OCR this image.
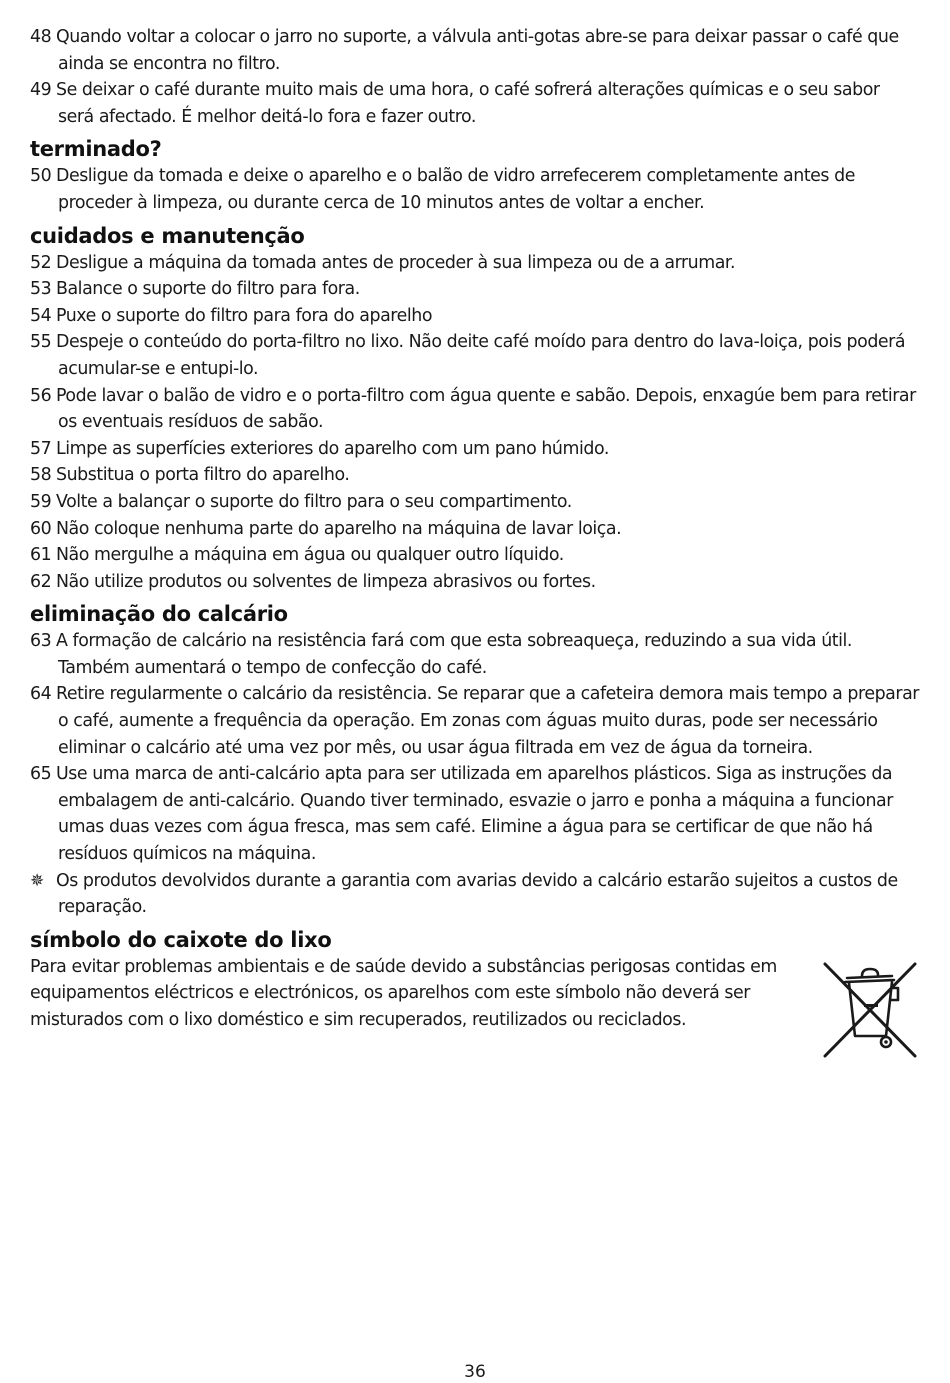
48 Quando voltar a colocar o jarro no suporte, a válvula anti-gotas abre-se para deixar passar o café que ainda se encontra no filtro.

49 Se deixar o café durante muito mais de uma hora, o café sofrerá alterações químicas e o seu sabor será afectado. É melhor deitá-lo fora e fazer outro.

terminado?

50 Desligue da tomada e deixe o aparelho e o balão de vidro arrefecerem completamente antes de proceder à limpeza, ou durante cerca de 10 minutos antes de voltar a encher.

cuidados e manutenção

52 Desligue a máquina da tomada antes de proceder à sua limpeza ou de a arrumar.

53 Balance o suporte do filtro para fora.

54 Puxe o suporte do filtro para fora do aparelho

55 Despeje o conteúdo do porta-filtro no lixo. Não deite café moído para dentro do lava-loiça, pois poderá acumular-se e entupi-lo.

56 Pode lavar o balão de vidro e o porta-filtro com água quente e sabão. Depois, enxagúe bem para retirar os eventuais resíduos de sabão.

57 Limpe as superfícies exteriores do aparelho com um pano húmido.

58 Substitua o porta filtro do aparelho.

59 Volte a balançar o suporte do filtro para o seu compartimento.

60 Não coloque nenhuma parte do aparelho na máquina de lavar loiça.

61 Não mergulhe a máquina em água ou qualquer outro líquido.

62 Não utilize produtos ou solventes de limpeza abrasivos ou fortes.

eliminação do calcário

63 A formação de calcário na resistência fará com que esta sobreaqueça, reduzindo a sua vida útil. Também aumentará o tempo de confecção do café.

64 Retire regularmente o calcário da resistência. Se reparar que a cafeteira demora mais tempo a preparar o café, aumente a frequência da operação. Em zonas com águas muito duras, pode ser necessário eliminar o calcário até uma vez por mês, ou usar água filtrada em vez de água da torneira.

65 Use uma marca de anti-calcário apta para ser utilizada em aparelhos plásticos. Siga as instruções da embalagem de anti-calcário. Quando tiver terminado, esvazie o jarro e ponha a máquina a funcionar umas duas vezes com água fresca, mas sem café. Elimine a água para se certificar de que não há resíduos químicos na máquina.

✵ Os produtos devolvidos durante a garantia com avarias devido a calcário estarão sujeitos a custos de reparação.

símbolo do caixote do lixo

Para evitar problemas ambientais e de saúde devido a substâncias perigosas contidas em equipamentos eléctricos e electrónicos, os aparelhos com este símbolo não deverá ser misturados com o lixo doméstico e sim recuperados, reutilizados ou reciclados.

36
